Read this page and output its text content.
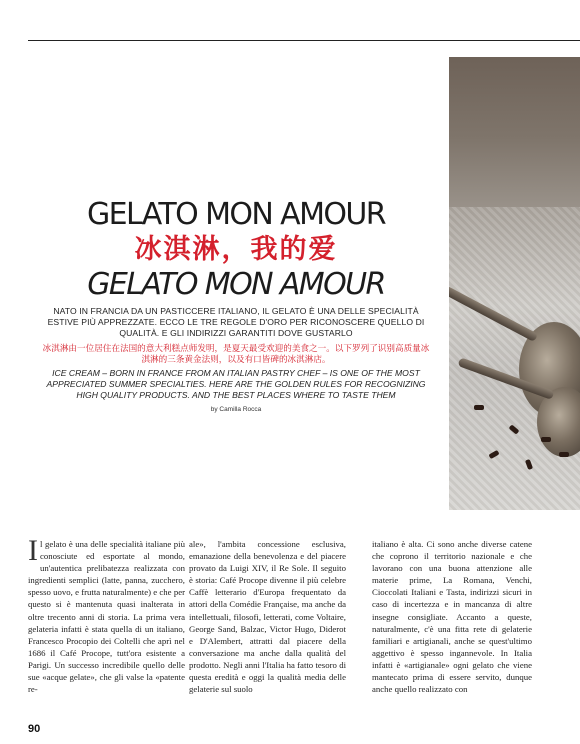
GELATO MON AMOUR
冰淇淋，我的爱
GELATO MON AMOUR

NATO IN FRANCIA DA UN PASTICCERE ITALIANO, IL GELATO È UNA DELLE SPECIALITÀ ESTIVE PIÙ APPREZZATE. ECCO LE TRE REGOLE D'ORO PER RICONOSCERE QUELLO DI QUALITÀ. E GLI INDIRIZZI GARANTITI DOVE GUSTARLO

冰淇淋由一位居住在法国的意大利糕点师发明，是夏天最受欢迎的美食之一。以下罗列了识别高质量冰淇淋的三条黄金法则，以及有口皆碑的冰淇淋店。

ICE CREAM – BORN IN FRANCE FROM AN ITALIAN PASTRY CHEF – IS ONE OF THE MOST APPRECIATED SUMMER SPECIALTIES. HERE ARE THE GOLDEN RULES FOR RECOGNIZING HIGH QUALITY PRODUCTS. AND THE BEST PLACES WHERE TO TASTE THEM

by Camilla Rocca

Il gelato è una delle specialità italiane più conosciute ed esportate al mondo, un'autentica prelibatezza realizzata con ingredienti semplici (latte, panna, zucchero, spesso uovo, e frutta naturalmente) e che per questo si è mantenuta quasi inalterata in oltre trecento anni di storia. La prima vera gelateria infatti è stata quella di un italiano, Francesco Procopio dei Coltelli che aprì nel 1686 il Café Procope, tutt'ora esistente a Parigi. Un successo incredibile quello delle sue «acque gelate», che gli valse la «patente re-

ale», l'ambita concessione esclusiva, emanazione della benevolenza e del piacere provato da Luigi XIV, il Re Sole. Il seguito è storia: Café Procope divenne il più celebre Caffè letterario d'Europa frequentato da attori della Comédie Française, ma anche da intellettuali, filosofi, letterati, come Voltaire, George Sand, Balzac, Victor Hugo, Diderot e D'Alembert, attratti dal piacere della conversazione ma anche dalla qualità del prodotto. Negli anni l'Italia ha fatto tesoro di questa eredità e oggi la qualità media delle gelaterie sul suolo

italiano è alta. Ci sono anche diverse catene che coprono il territorio nazionale e che lavorano con una buona attenzione alle materie prime, La Romana, Venchi, Cioccolati Italiani e Tasta, indirizzi sicuri in caso di incertezza e in mancanza di altre insegne consigliate. Accanto a queste, naturalmente, c'è una fitta rete di gelaterie familiari e artigianali, anche se quest'ultimo aggettivo è spesso ingannevole. In Italia infatti è «artigianale» ogni gelato che viene mantecato prima di essere servito, dunque anche quello realizzato con

90
